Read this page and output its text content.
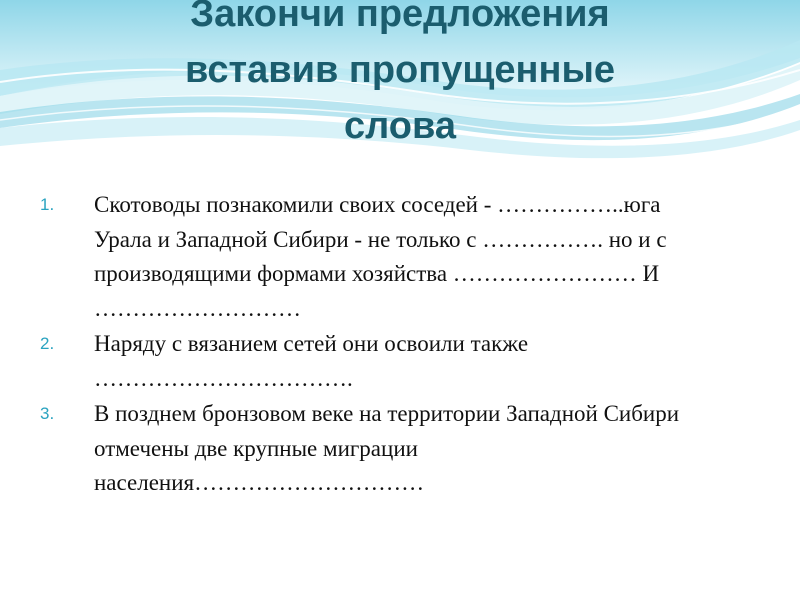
Закончи предложения
вставив пропущенные
слова
1.	Скотоводы познакомили своих соседей - ……………..юга Урала и Западной Сибири - не только с ……………. но и с производящими формами хозяйства …………………… И ………………………
2.	Наряду с вязанием сетей они освоили также …………………………….
3.	В позднем бронзовом веке на территории Западной Сибири отмечены две крупные миграции населения…………………………
